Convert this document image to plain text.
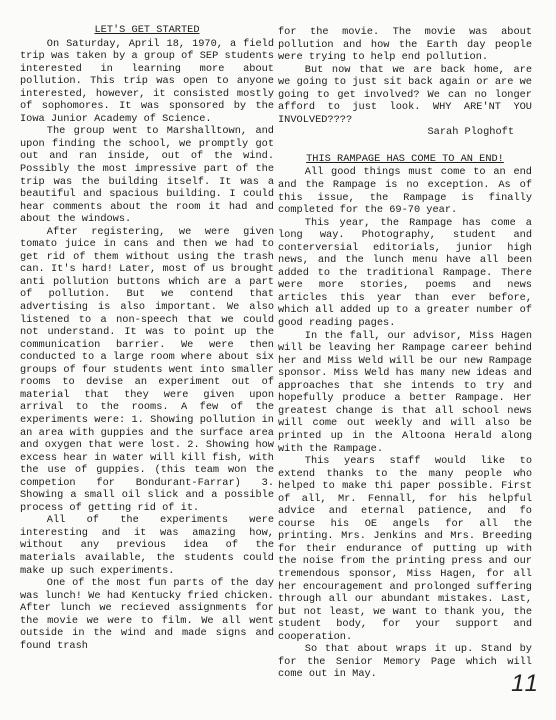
LET'S GET STARTED

On Saturday, April 18, 1970, a field trip was taken by a group of SEP students interested in learning more about pollution. This trip was open to anyone interested, however, it consisted mostly of sophomores. It was sponsored by the Iowa Junior Academy of Science.

The group went to Marshalltown, and upon finding the school, we promptly got out and ran inside, out of the wind. Possibly the most impressive part of the trip was the building itself. It was a beautiful and spacious building. I could hear comments about the room it had and about the windows.

After registering, we were given tomato juice in cans and then we had to get rid of them without using the trash can. It's hard! Later, most of us brought anti pollution buttons which are a part of pollution. But we contend that advertising is also important. We also listened to a non-speech that we could not understand. It was to point up the communication barrier. We were then conducted to a large room where about six groups of four students went into smaller rooms to devise an experiment out of material that they were given upon arrival to the rooms. A few of the experiments were: 1. Showing pollution in an area with guppies and the surface area and oxygen that were lost. 2. Showing how excess hear in water will kill fish, with the use of guppies. (this team won the competion for Bondurant-Farrar) 3. Showing a small oil slick and a possible process of getting rid of it.

All of the experiments were interesting and it was amazing how, without any previous idea of the materials available, the students could make up such experiments.

One of the most fun parts of the day was lunch! We had Kentucky fried chicken. After lunch we recieved assignments for the movie we were to film. We all went outside in the wind and made signs and found trash

for the movie. The movie was about pollution and how the Earth day people were trying to help end pollution.

But now that we are back home, are we going to just sit back again or are we going to get involved? We can no longer afford to just look. WHY ARE'NT YOU INVOLVED????

Sarah Ploghoft

THIS RAMPAGE HAS COME TO AN END!

All good things must come to an end and the Rampage is no exception. As of this issue, the Rampage is finally completed for the 69-70 year.

This year, the Rampage has come a long way. Photography, student and conterversial editorials, junior high news, and the lunch menu have all been added to the traditional Rampage. There were more stories, poems and news articles this year than ever before, which all added up to a greater number of good reading pages.

In the fall, our advisor, Miss Hagen will be leaving her Rampage career behind her and Miss Weld will be our new Rampage sponsor. Miss Weld has many new ideas and approaches that she intends to try and hopefully produce a better Rampage. Her greatest change is that all school news will come out weekly and will also be printed up in the Altoona Herald along with the Rampage.

This years staff would like to extend thanks to the many people who helped to make thi paper possible. First of all, Mr. Fennall, for his helpful advice and eternal patience, and fo course his OE angels for all the printing. Mrs. Jenkins and Mrs. Breeding for their endurance of putting up with the noise from the printing press and our tremendous sponsor, Miss Hagen, for all her encouragement and prolonged suffering through all our abundant mistakes. Last, but not least, we want to thank you, the student body, for your support and cooperation.

So that about wraps it up. Stand by for the Senior Memory Page which will come out in May.	11
